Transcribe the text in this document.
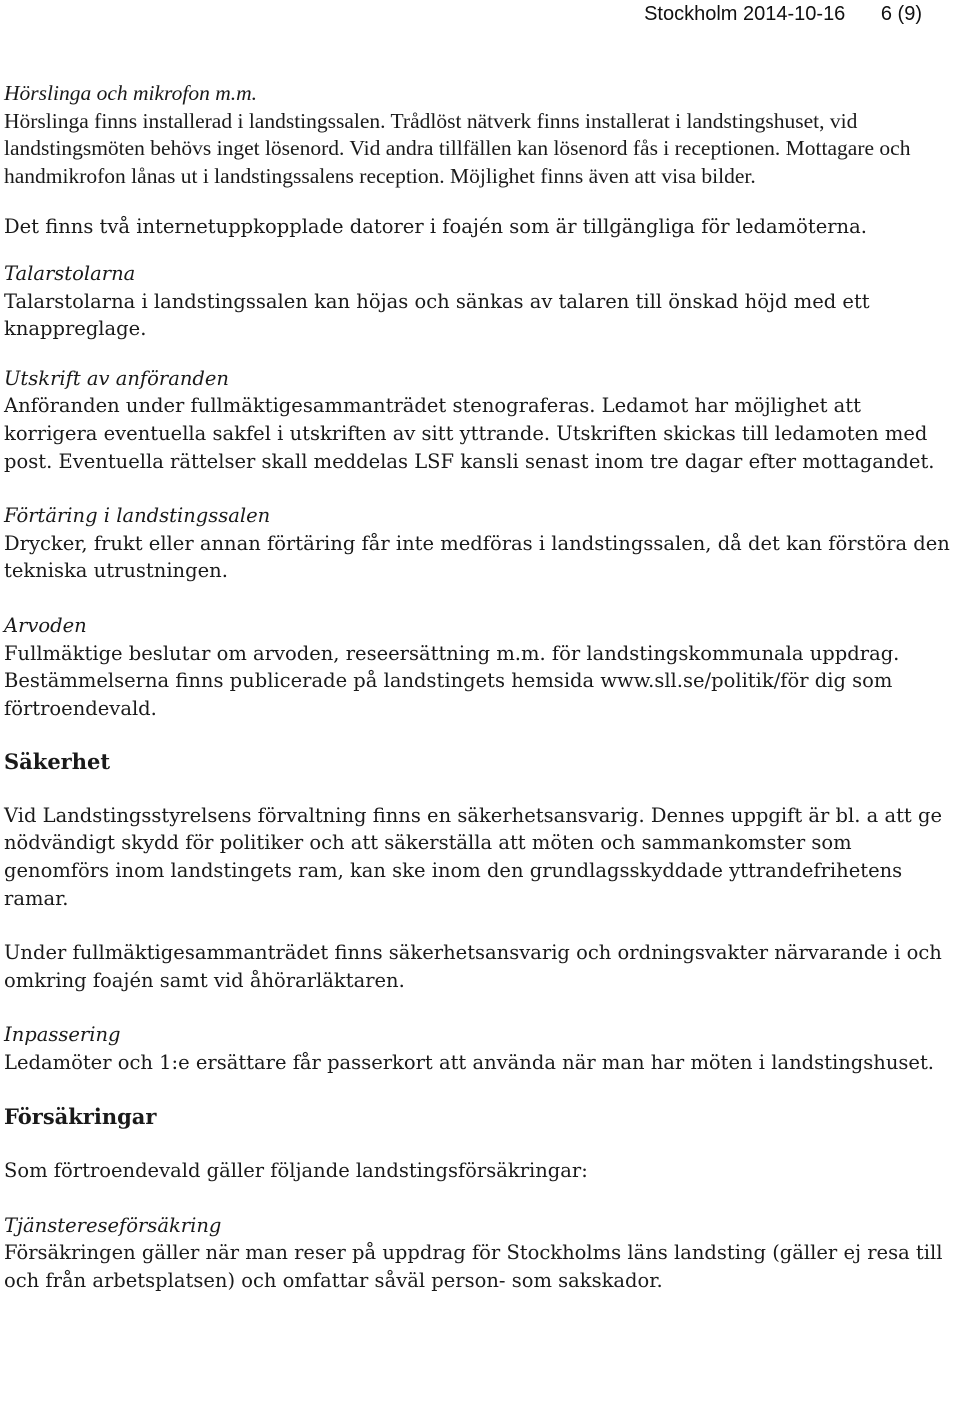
Stockholm 2014-10-16 6 (9)

Hörslinga och mikrofon m.m.

Hörslinga finns installerad i landstingssalen. Trådlöst nätverk finns installerat i landstingshuset, vid landstingsmöten behövs inget lösenord. Vid andra tillfällen kan lösenord fås i receptionen. Mottagare och handmikrofon lånas ut i landstingssalens reception. Möjlighet finns även att visa bilder.

Det finns två internetuppkopplade datorer i foajén som är tillgängliga för ledamöterna.

Talarstolarna

Talarstolarna i landstingssalen kan höjas och sänkas av talaren till önskad höjd med ett knappreglage.

Utskrift av anföranden

Anföranden under fullmäktigesammanträdet stenograferas. Ledamot har möjlighet att korrigera eventuella sakfel i utskriften av sitt yttrande. Utskriften skickas till ledamoten med post. Eventuella rättelser skall meddelas LSF kansli senast inom tre dagar efter mottagandet.

Förtäring i landstingssalen

Drycker, frukt eller annan förtäring får inte medföras i landstingssalen, då det kan förstöra den tekniska utrustningen.

Arvoden

Fullmäktige beslutar om arvoden, reseersättning m.m. för landstingskommunala uppdrag. Bestämmelserna finns publicerade på landstingets hemsida www.sll.se/politik/för dig som förtroendevald.

Säkerhet

Vid Landstingsstyrelsens förvaltning finns en säkerhetsansvarig. Dennes uppgift är bl. a att ge nödvändigt skydd för politiker och att säkerställa att möten och sammankomster som genomförs inom landstingets ram, kan ske inom den grundlagsskyddade yttrandefrihetens ramar.

Under fullmäktigesammanträdet finns säkerhetsansvarig och ordningsvakter närvarande i och omkring foajén samt vid åhörarläktaren.

Inpassering

Ledamöter och 1:e ersättare får passerkort att använda när man har möten i landstingshuset.

Försäkringar

Som förtroendevald gäller följande landstingsförsäkringar:

Tjänstereseförsäkring

Försäkringen gäller när man reser på uppdrag för Stockholms läns landsting (gäller ej resa till och från arbetsplatsen) och omfattar såväl person- som sakskador.
